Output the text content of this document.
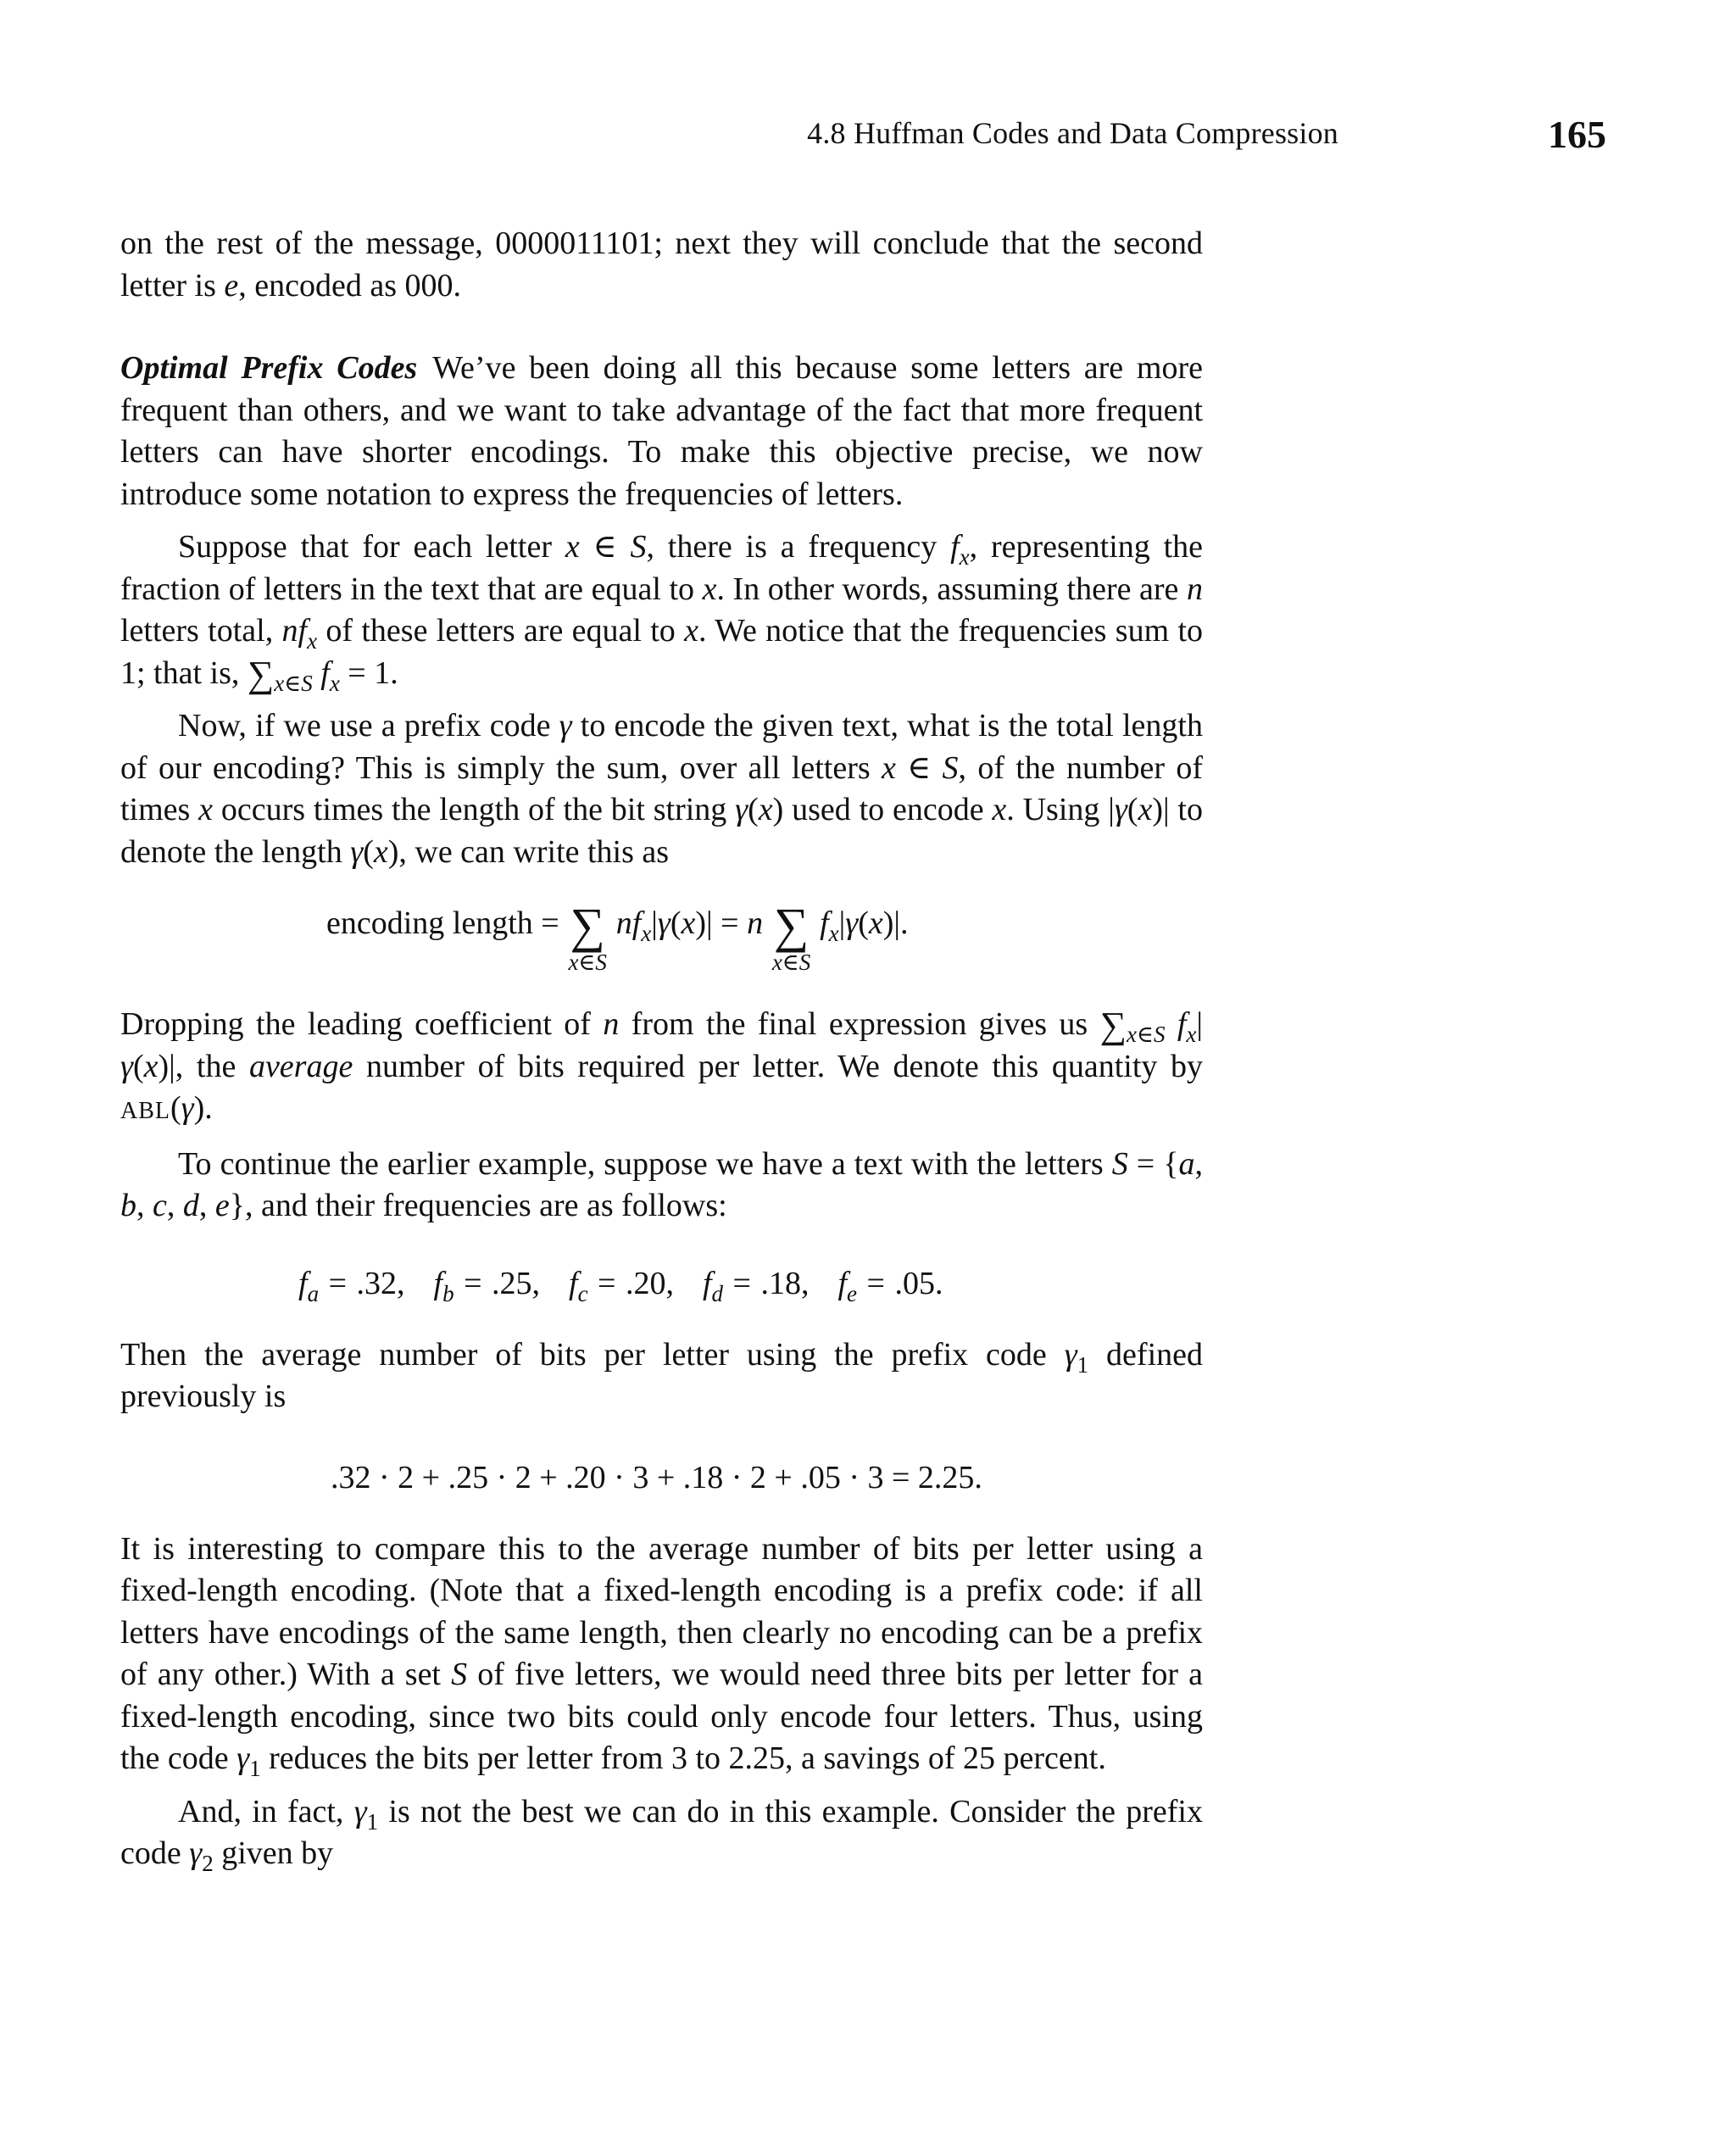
4.8 Huffman Codes and Data Compression	165

on the rest of the message, 0000011101; next they will conclude that the second letter is e, encoded as 000.

Optimal Prefix Codes We’ve been doing all this because some letters are more frequent than others, and we want to take advantage of the fact that more frequent letters can have shorter encodings. To make this objective precise, we now introduce some notation to express the frequencies of letters.

Suppose that for each letter x ∈ S, there is a frequency $f_x$, representing the fraction of letters in the text that are equal to x. In other words, assuming there are n letters total, $nf_x$ of these letters are equal to x. We notice that the frequencies sum to 1; that is, $\sum_{x\in S}$ $f_x = 1$.

Now, if we use a prefix code γ to encode the given text, what is the total length of our encoding? This is simply the sum, over all letters x ∈ S, of the number of times x occurs times the length of the bit string γ(x) used to encode x. Using |γ(x)| to denote the length γ(x), we can write this as

encoding length = ∑
x∈S
$nf_x|\gamma(x)| = n$ ∑
x∈S
$f_x|\gamma(x)|$.

Dropping the leading coefficient of n from the final expression gives us $\sum_{x\in S}$ $f_x|\gamma(x)|$, the average number of bits required per letter. We denote this quantity by ABL(γ).

To continue the earlier example, suppose we have a text with the letters S = {a, b, c, d, e}, and their frequencies are as follows:

$f_a = .32$, $f_b = .25$, $f_c = .20$, $f_d = .18$, $f_e = .05$.

Then the average number of bits per letter using the prefix code $\gamma_1$ defined previously is

.32 · 2 + .25 · 2 + .20 · 3 + .18 · 2 + .05 · 3 = 2.25.

It is interesting to compare this to the average number of bits per letter using a fixed-length encoding. (Note that a fixed-length encoding is a prefix code: if all letters have encodings of the same length, then clearly no encoding can be a prefix of any other.) With a set S of five letters, we would need three bits per letter for a fixed-length encoding, since two bits could only encode four letters. Thus, using the code $\gamma_1$ reduces the bits per letter from 3 to 2.25, a savings of 25 percent.

And, in fact, $\gamma_1$ is not the best we can do in this example. Consider the prefix code $\gamma_2$ given by
